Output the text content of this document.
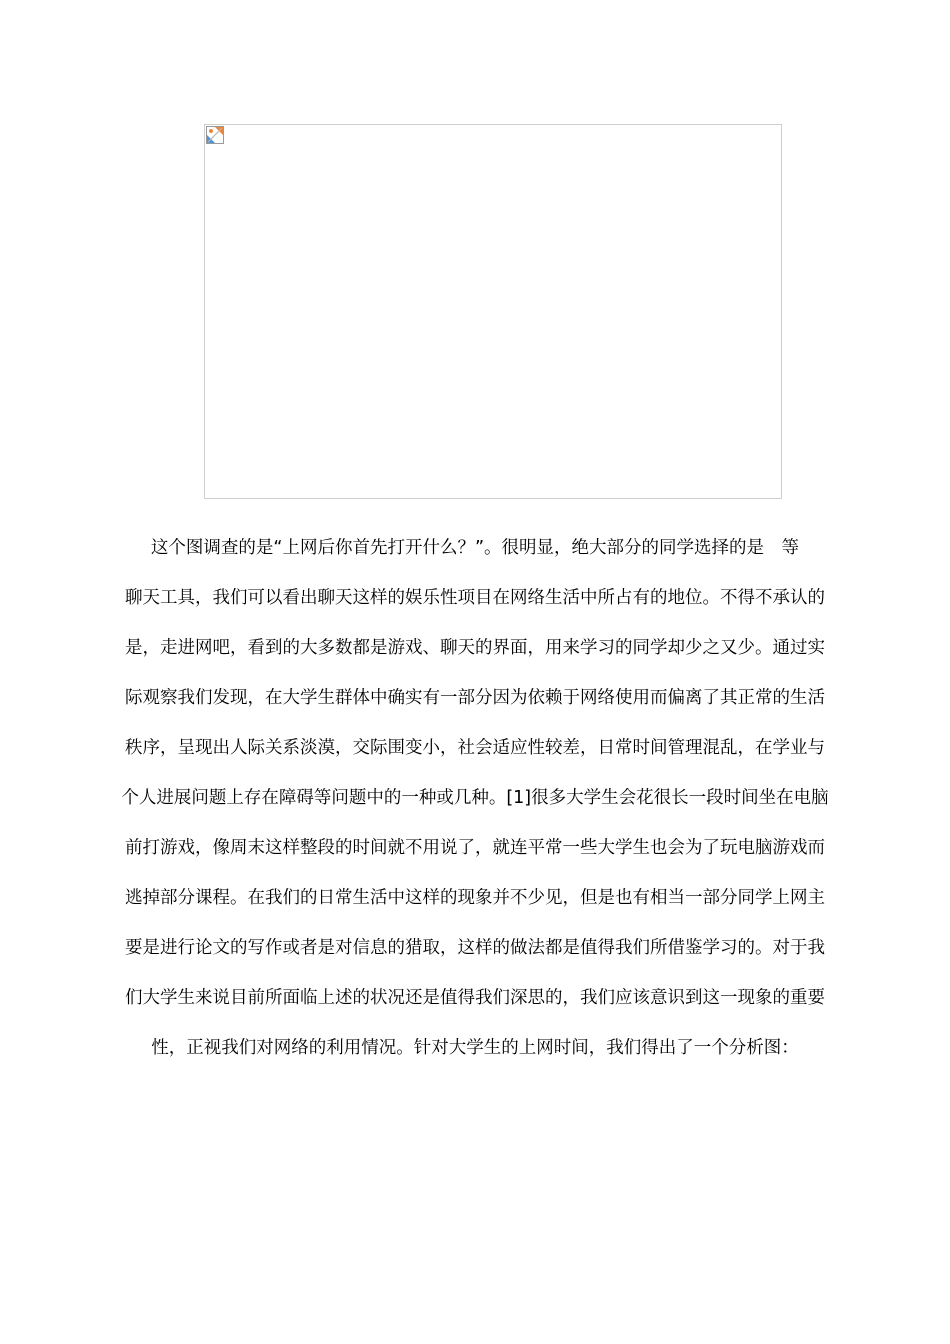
这个图调查的是“上网后你首先打开什么？”。很明显，绝大部分的同学选择的是　等
聊天工具，我们可以看出聊天这样的娱乐性项目在网络生活中所占有的地位。不得不承认的
是，走进网吧，看到的大多数都是游戏、聊天的界面，用来学习的同学却少之又少。通过实
际观察我们发现，在大学生群体中确实有一部分因为依赖于网络使用而偏离了其正常的生活
秩序，呈现出人际关系淡漠，交际围变小，社会适应性较差，日常时间管理混乱，在学业与
个人进展问题上存在障碍等问题中的一种或几种。[1]很多大学生会花很长一段时间坐在电脑
前打游戏，像周末这样整段的时间就不用说了，就连平常一些大学生也会为了玩电脑游戏而
逃掉部分课程。在我们的日常生活中这样的现象并不少见，但是也有相当一部分同学上网主
要是进行论文的写作或者是对信息的猎取，这样的做法都是值得我们所借鉴学习的。对于我
们大学生来说目前所面临上述的状况还是值得我们深思的，我们应该意识到这一现象的重要
性，正视我们对网络的利用情况。针对大学生的上网时间，我们得出了一个分析图：
